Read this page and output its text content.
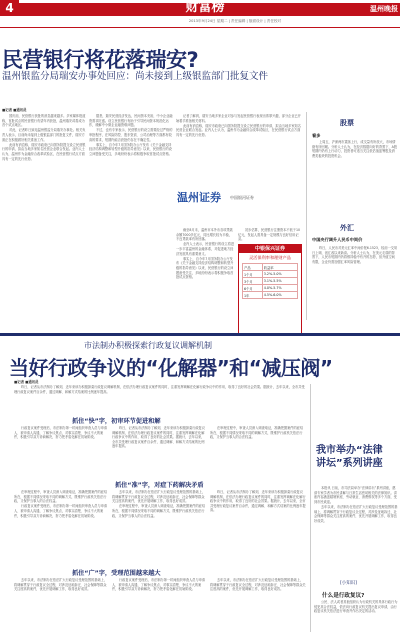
4	财富榜	温州晚报
2013年9月24日 星期二 | 责任编辑 | 版面设计 | 责任校对
民营银行将花落瑞安?
温州银监分局瑞安办事处回应：尚未接到上级银监部门批复文件
■记者 ■通讯员

国庆前，民营银行获批的消息越来越多。多家媒体报道称，首批试点的民营银行有望年内获批，温州瑞安或将成为首个试点地区。

对此，记者昨日致电温州银监分局瑞安办事处。相关负责人表示，目前尚未接到上级银监部门的批复文件，瑞安方面正在积极做好相关准备工作。

此前有消息称，瑞安市政府已向国务院提交设立民营银行的申请，拟由当地多家知名民营企业联合发起。业内人士认为，温州作为金融综合改革试验区，在民营银行试点方面具有一定的先行优势。

据悉，瑞安民营经济发达，民间资本充裕，中小企业融资需求旺盛。设立民营银行有助于引导民间资本规范化运作，缓解中小微企业融资难问题。

不过，也有专家表示，民营银行的设立需要经过严格的审批程序，在风险防控、股东资质、公司治理等方面都有较高的要求，短期内能否获批仍存在不确定性。

事实上，自今年7月国务院办公厅发布《关于金融支持经济结构调整和转型升级的指导意见》以来，民营银行的设立问题备受关注，多地纷纷表示将积极争取首批试点资格。

记者了解到，瑞安当地多家企业对参与发起民营银行表现出浓厚兴趣，部分企业已开始着手准备相关材料。

此前有消息称，瑞安市政府已向国务院提交设立民营银行的申请，拟由当地多家知名民营企业联合发起。业内人士认为，温州作为金融综合改革试验区，在民营银行试点方面具有一定的先行优势。

温州证券 中国银河证券

初步估算，民营银行注册资本不低于10亿元，发起人需具备一定规模与良好信用记录。

截至8月末，温州市本外币各项贷款余额7000多亿元，同比增长较为平稳，不良贷款率有所回落。

业内人士表示，民营银行的设立将进一步丰富温州的金融体系，对促进地方经济发展具有重要意义。

事实上，自今年7月国务院办公厅发布《关于金融支持经济结构调整和转型升级的指导意见》以来，民营银行的设立问题备受关注，多地纷纷表示将积极争取首批试点资格。

中银保兴证券
灵活保利率和理财产品
产品	收益率
1个月	3.2%-5.0%
3个月	3.1%-5.5%
6个月	4.0%-5.7%
1年	4.5%-6.0%
股票
看多

上周五，沪深两市震荡上行，成交量有所放大，市场情绪有所回暖。分析人士认为，在经济数据向好的背景下，A股短期内仍有上行动力，投资者可适当关注低估值蓝筹股及消费类板块的投资机会。

外汇
中国央行调升人民币中间价

昨日，人民币对美元汇率中间价报6.1523，较前一交易日上调，创汇改以来新高。分析人士认为，在美元走弱的背景下，人民币短期内仍将维持稳中有升的态势，但升值空间有限，企业仍需加强汇率风险管理。

市法制办积极探索行政复议调解机制
当好行政争议的“化解器”和“减压阀”
■记者 ■通讯员

昨日，记者从市法制办了解到，近年来该办积极探索行政复议调解机制，在依法办理行政复议案件的同时，注重发挥调解在化解行政争议中的作用，取得了良好的社会效果。据统计，去年以来，全市共受理行政复议案件百余件，通过调解、和解方式结案的比例逐年提高。

抓住“快”字，初审环节促进和解

行政复议案件受理后，市法制办第一时间组织审查人员与申请人、被申请人沟通，了解争议焦点，对事实清楚、争议不大的案件，积极引导双方协商解决，努力把矛盾化解在初始阶段。

昨日，记者从市法制办了解到，近年来该办积极探索行政复议调解机制，在依法办理行政复议案件的同时，注重发挥调解在化解行政争议中的作用，取得了良好的社会效果。据统计，去年以来，全市共受理行政复议案件百余件，通过调解、和解方式结案的比例逐年提高。

在审理过程中，审查人员深入调查取证，准确把握案件的症结所在，根据不同情况采取不同的调解方式，既维护行政机关依法行政，又保护当事人的合法权益。

抓住“准”字，对症下药解决矛盾

在审理过程中，审查人员深入调查取证，准确把握案件的症结所在，根据不同情况采取不同的调解方式，既维护行政机关依法行政，又保护当事人的合法权益。

行政复议案件受理后，市法制办第一时间组织审查人员与申请人、被申请人沟通，了解争议焦点，对事实清楚、争议不大的案件，积极引导双方协商解决，努力把矛盾化解在初始阶段。

去年以来，市法制办在依法扩大行政复议受理范围的基础上，将调解贯穿于行政复议全过程，对涉及征地拆迁、社会保障等群众关注度高的案件，优先开展调解工作，取得良好成效。

在审理过程中，审查人员深入调查取证，准确把握案件的症结所在，根据不同情况采取不同的调解方式，既维护行政机关依法行政，又保护当事人的合法权益。

昨日，记者从市法制办了解到，近年来该办积极探索行政复议调解机制，在依法办理行政复议案件的同时，注重发挥调解在化解行政争议中的作用，取得了良好的社会效果。据统计，去年以来，全市共受理行政复议案件百余件，通过调解、和解方式结案的比例逐年提高。

抓住“广”字，受理范围越来越大

去年以来，市法制办在依法扩大行政复议受理范围的基础上，将调解贯穿于行政复议全过程，对涉及征地拆迁、社会保障等群众关注度高的案件，优先开展调解工作，取得良好成效。

行政复议案件受理后，市法制办第一时间组织审查人员与申请人、被申请人沟通，了解争议焦点，对事实清楚、争议不大的案件，积极引导双方协商解决，努力把矛盾化解在初始阶段。

去年以来，市法制办在依法扩大行政复议受理范围的基础上，将调解贯穿于行政复议全过程，对涉及征地拆迁、社会保障等群众关注度高的案件，优先开展调解工作，取得良好成效。

我市举办“法律讲坛”系列讲座

本报讯 日前，市司法局举办“法律讲坛”系列讲座，邀请专家学者为市民讲解与日常生活密切相关的法律知识。讲座内容涵盖婚姻家庭、劳动就业、消费维权等多个方面，受到市民欢迎。

去年以来，市法制办在依法扩大行政复议受理范围的基础上，将调解贯穿于行政复议全过程，对涉及征地拆迁、社会保障等群众关注度高的案件，优先开展调解工作，取得良好成效。

[小知识]
什么是行政复议?

公民、法人或者其他组织认为行政机关的具体行政行为侵犯其合法权益，依法向行政复议机关提出复议申请，由行政复议机关依法进行审查并作出决定的活动。
